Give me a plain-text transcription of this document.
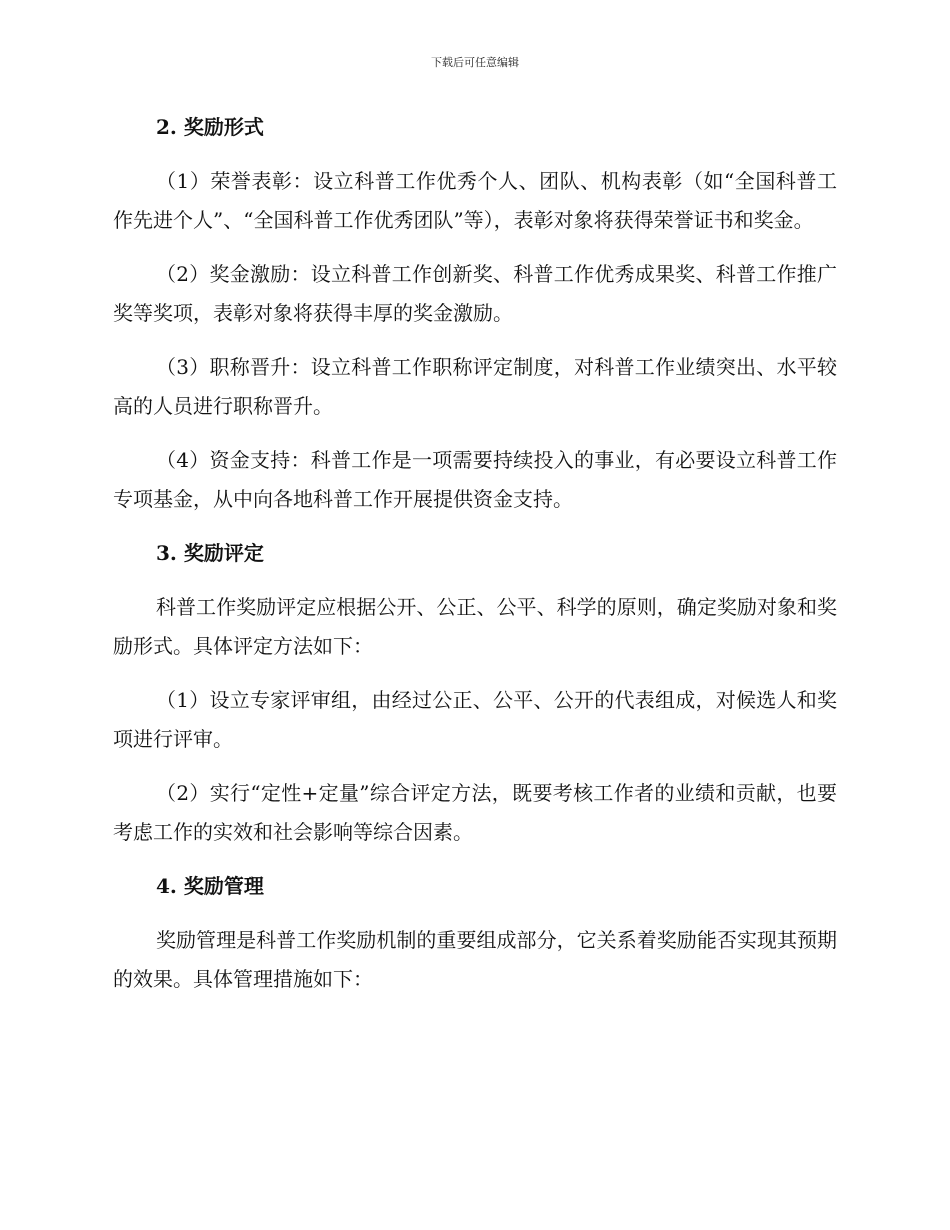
下载后可任意编辑
2. 奖励形式

（1）荣誉表彰：设立科普工作优秀个人、团队、机构表彰（如“全国科普工作先进个人”、“全国科普工作优秀团队”等），表彰对象将获得荣誉证书和奖金。

（2）奖金激励：设立科普工作创新奖、科普工作优秀成果奖、科普工作推广奖等奖项，表彰对象将获得丰厚的奖金激励。

（3）职称晋升：设立科普工作职称评定制度，对科普工作业绩突出、水平较高的人员进行职称晋升。

（4）资金支持：科普工作是一项需要持续投入的事业，有必要设立科普工作专项基金，从中向各地科普工作开展提供资金支持。

3. 奖励评定

科普工作奖励评定应根据公开、公正、公平、科学的原则，确定奖励对象和奖励形式。具体评定方法如下：

（1）设立专家评审组，由经过公正、公平、公开的代表组成，对候选人和奖项进行评审。

（2）实行“定性+定量”综合评定方法，既要考核工作者的业绩和贡献，也要考虑工作的实效和社会影响等综合因素。

4. 奖励管理

奖励管理是科普工作奖励机制的重要组成部分，它关系着奖励能否实现其预期的效果。具体管理措施如下：
